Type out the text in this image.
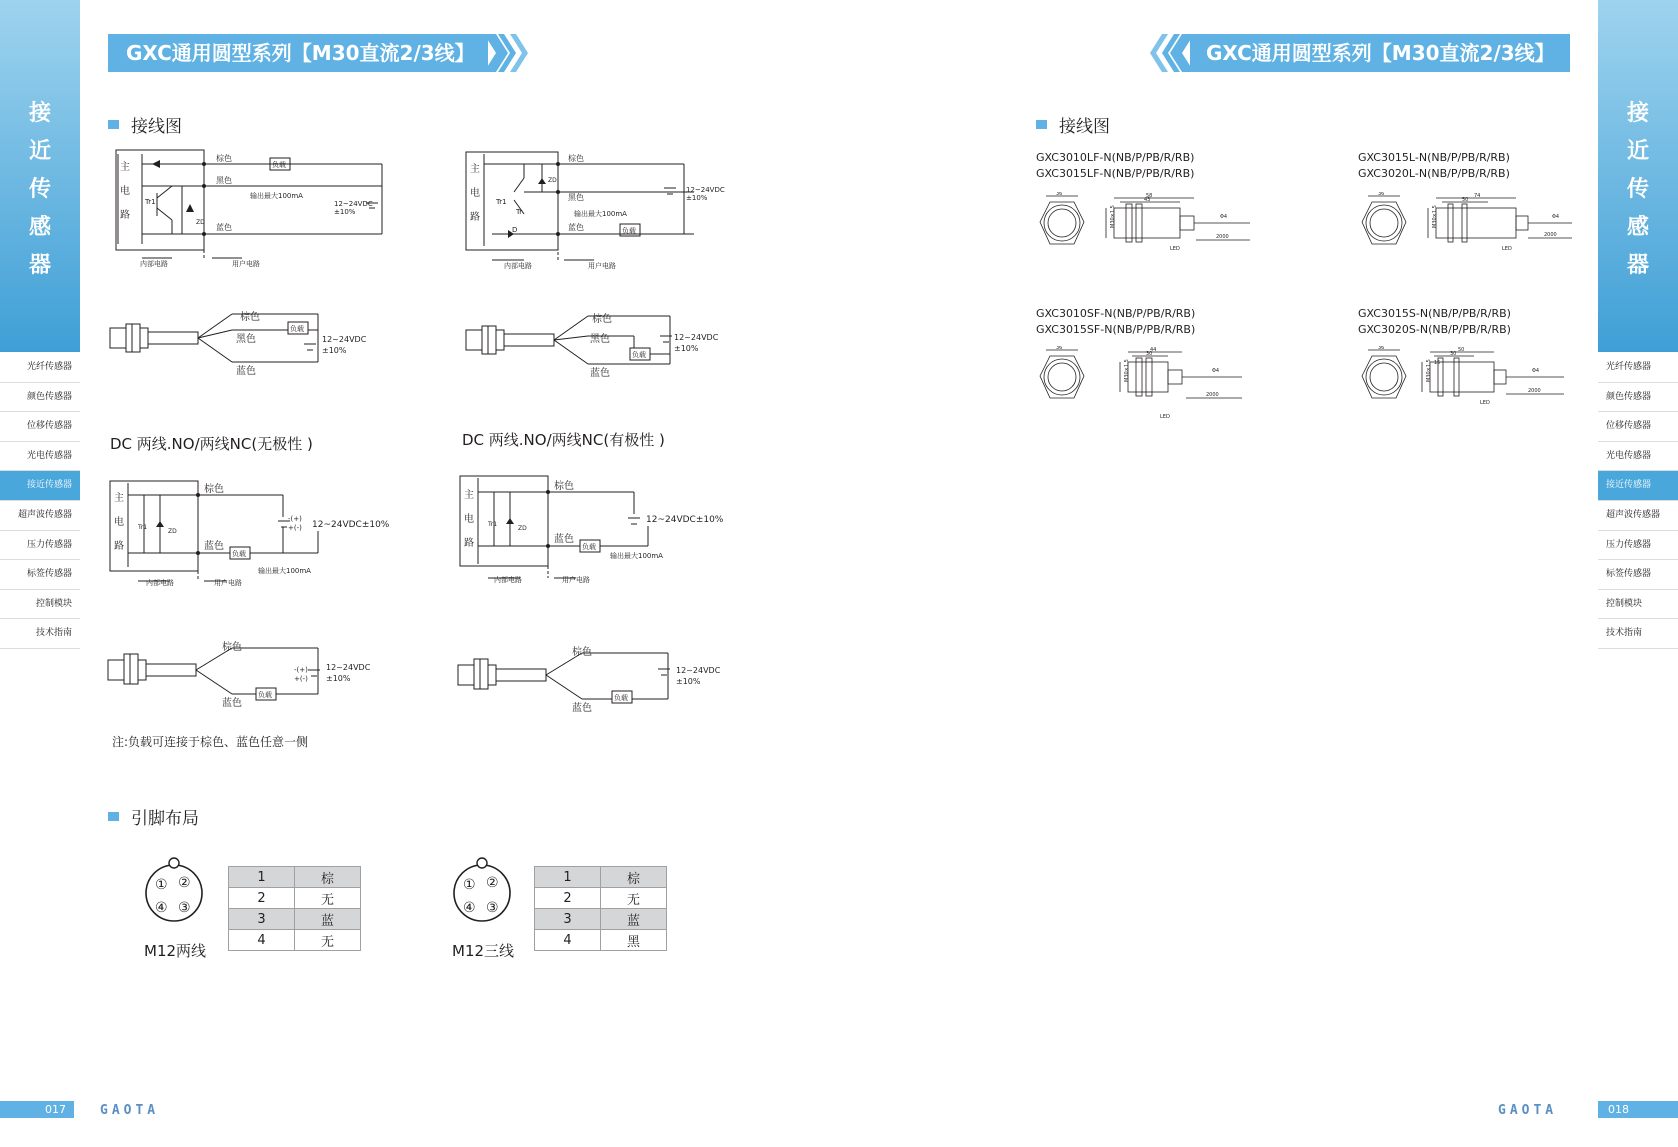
接
近
传
感
器
光纤传感器
颜色传感器
位移传感器
光电传感器
接近传感器
超声波传感器
压力传感器
标签传感器
控制模块
技术指南
GXC通用圆型系列【M30直流2/3线】
接线图
主
电
路
棕色
黑色
蓝色
负载
输出最大100mA
12~24VDC
±10%
Tr1
ZD
内部电路	用户电路
主
电
路
棕色
黑色
蓝色	负载
输出最大100mA
12~24VDC
±10%
Tr1
Tr
ZD
D
内部电路	用户电路
棕色
黑色
蓝色
负载
12~24VDC
±10%
棕色
黑色
蓝色
负载
12~24VDC
±10%
DC 两线.NO/两线NC(无极性 )	DC 两线.NO/两线NC(有极性 )
主
电
路
棕色
蓝色
负载
输出最大100mA
-(+)
+(-) 12~24VDC±10%
Tr1
ZD
内部电路	用户电路
主
电
路
棕色
蓝色
负载
输出最大100mA
12~24VDC±10%
Tr1
ZD
内部电路	用户电路
棕色
蓝色
负载
-(+)
+(-)
12~24VDC
±10%
棕色
蓝色
负载
12~24VDC
±10%
注:负载可连接于棕色、蓝色任意一侧
引脚布局
① ②
④ ③
M12两线
1	棕
2	无
3	蓝
4	无
① ②
④ ③
M12三线
1	棕
2	无
3	蓝
4	黑
017	GAOTA
GXC通用圆型系列【M30直流2/3线】
接线图
GXC3010LF-N(NB/P/PB/R/RB)
GXC3015LF-N(NB/P/PB/R/RB)
GXC3015L-N(NB/P/PB/R/RB)
GXC3020L-N(NB/P/PB/R/RB)
GXC3010SF-N(NB/P/PB/R/RB)
GXC3015SF-N(NB/P/PB/R/RB)
GXC3015S-N(NB/P/PB/R/RB)
GXC3020S-N(NB/P/PB/R/RB)
36	58
43
M30×1.5
2000
Φ4
LED
36	74
50
M30×1.5
2000
Φ4
LED
36	44
30
M30×1.5
2000
Φ4
LED
36	50
30
15
M30×1.5
2000
Φ4
LED
接
近
传
感
器
光纤传感器
颜色传感器
位移传感器
光电传感器
接近传感器
超声波传感器
压力传感器
标签传感器
控制模块
技术指南
GAOTA	018
